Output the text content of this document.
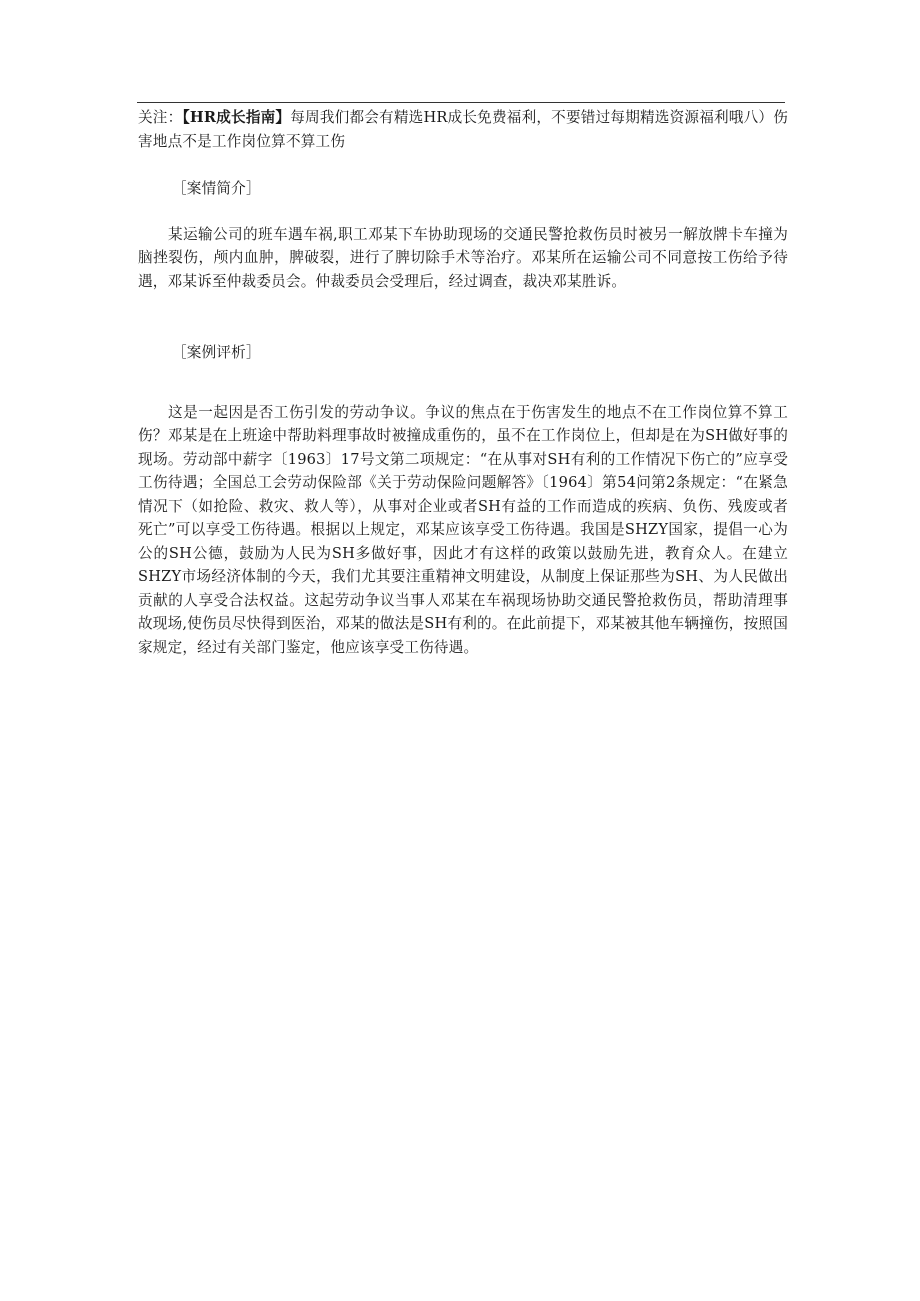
关注：【HR成长指南】每周我们都会有精选HR成长免费福利，不要错过每期精选资源福利哦八）伤害地点不是工作岗位算不算工伤

［案情简介］

某运输公司的班车遇车祸,职工邓某下车协助现场的交通民警抢救伤员时被另一解放牌卡车撞为脑挫裂伤，颅内血肿，脾破裂，进行了脾切除手术等治疗。邓某所在运输公司不同意按工伤给予待遇，邓某诉至仲裁委员会。仲裁委员会受理后，经过调查，裁决邓某胜诉。

［案例评析］

这是一起因是否工伤引发的劳动争议。争议的焦点在于伤害发生的地点不在工作岗位算不算工伤？邓某是在上班途中帮助料理事故时被撞成重伤的，虽不在工作岗位上，但却是在为SH做好事的现场。劳动部中薪字〔1963〕17号文第二项规定：“在从事对SH有利的工作情况下伤亡的”应享受工伤待遇；全国总工会劳动保险部《关于劳动保险问题解答》〔1964〕第54问第2条规定：“在紧急情况下（如抢险、救灾、救人等），从事对企业或者SH有益的工作而造成的疾病、负伤、残废或者死亡”可以享受工伤待遇。根据以上规定，邓某应该享受工伤待遇。我国是SHZY国家，提倡一心为公的SH公德，鼓励为人民为SH多做好事，因此才有这样的政策以鼓励先进，教育众人。在建立SHZY市场经济体制的今天，我们尤其要注重精神文明建设，从制度上保证那些为SH、为人民做出贡献的人享受合法权益。这起劳动争议当事人邓某在车祸现场协助交通民警抢救伤员，帮助清理事故现场,使伤员尽快得到医治，邓某的做法是SH有利的。在此前提下，邓某被其他车辆撞伤，按照国家规定，经过有关部门鉴定，他应该享受工伤待遇。
